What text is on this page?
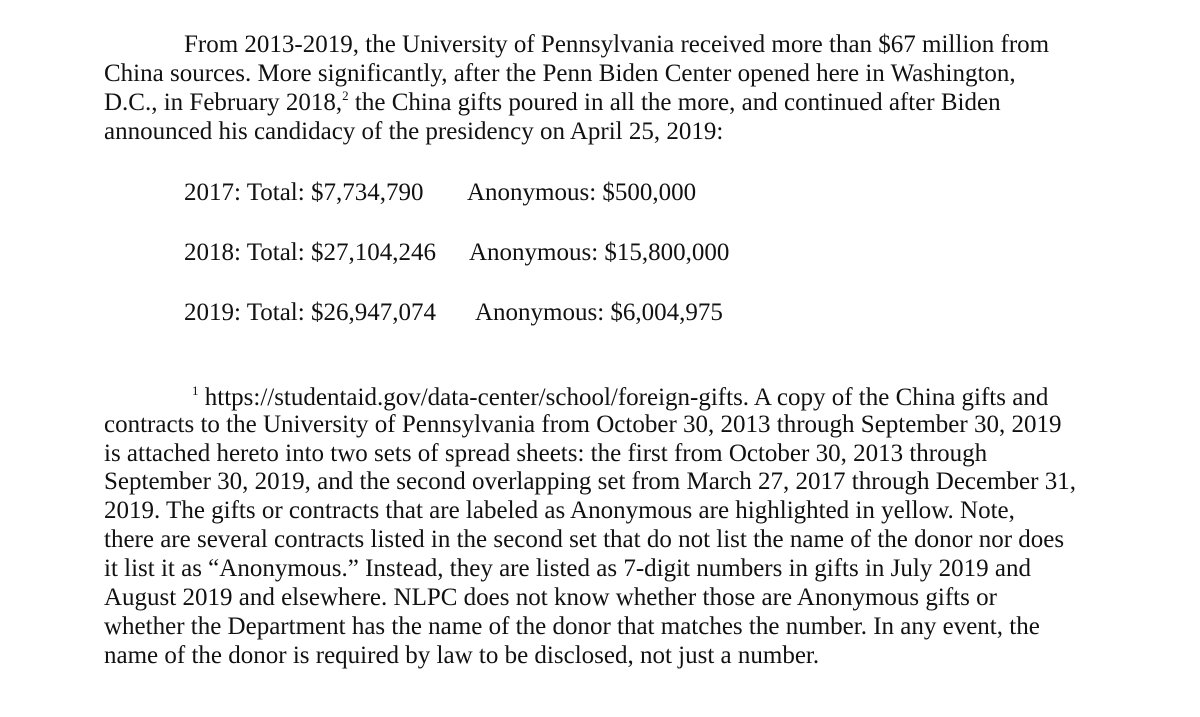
From 2013-2019, the University of Pennsylvania received more than $67 million from
China sources. More significantly, after the Penn Biden Center opened here in Washington,
D.C., in February 2018,$^2$ the China gifts poured in all the more, and continued after Biden
announced his candidacy of the presidency on April 25, 2019:
2017: Total: $7,734,790 Anonymous: $500,000
2018: Total: $27,104,246 Anonymous: $15,800,000
2019: Total: $26,947,074 Anonymous: $6,004,975
$^1$ https://studentaid.gov/data-center/school/foreign-gifts. A copy of the China gifts and
contracts to the University of Pennsylvania from October 30, 2013 through September 30, 2019
is attached hereto into two sets of spread sheets: the first from October 30, 2013 through
September 30, 2019, and the second overlapping set from March 27, 2017 through December 31,
2019. The gifts or contracts that are labeled as Anonymous are highlighted in yellow. Note,
there are several contracts listed in the second set that do not list the name of the donor nor does
it list it as “Anonymous.” Instead, they are listed as 7-digit numbers in gifts in July 2019 and
August 2019 and elsewhere. NLPC does not know whether those are Anonymous gifts or
whether the Department has the name of the donor that matches the number. In any event, the
name of the donor is required by law to be disclosed, not just a number.
